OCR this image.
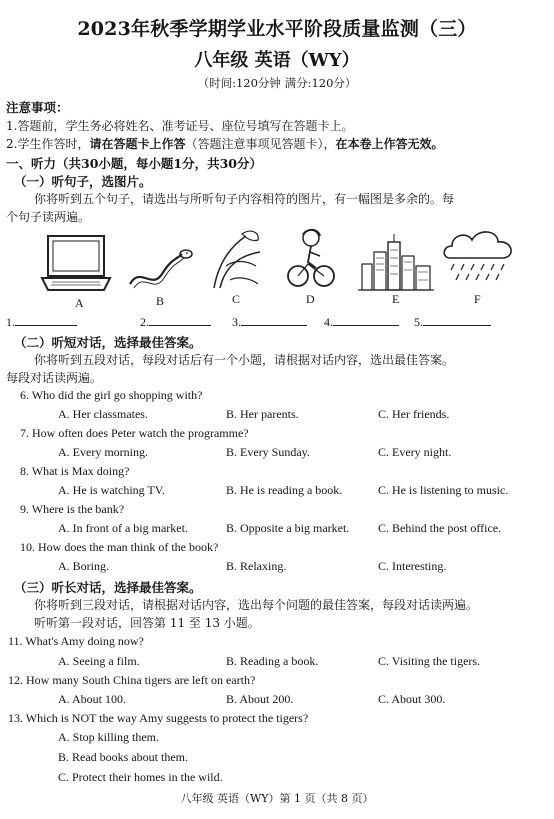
2023年秋季学期学业水平阶段质量监测（三）
八年级 英语（WY）
（时间:120分钟 满分:120分）
注意事项：
1.答题前，学生务必将姓名、准考证号、座位号填写在答题卡上。
2.学生作答时，请在答题卡上作答（答题注意事项见答题卡），在本卷上作答无效。
一、听力（共30小题，每小题1分，共30分）
（一）听句子，选图片。
你将听到五个句子，请选出与所听句子内容相符的图片，有一幅图是多余的。每
个句子读两遍。
A	B	C	D	E	F
1.	2.	3.	4.	5.
（二）听短对话，选择最佳答案。
你将听到五段对话，每段对话后有一个小题，请根据对话内容，选出最佳答案。
每段对话读两遍。
6. Who did the girl go shopping with?
A. Her classmates.	B. Her parents.	C. Her friends.
7. How often does Peter watch the programme?
A. Every morning.	B. Every Sunday.	C. Every night.
8. What is Max doing?
A. He is watching TV.	B. He is reading a book.	C. He is listening to music.
9. Where is the bank?
A. In front of a big market.	B. Opposite a big market. C. Behind the post office.
10. How does the man think of the book?
A. Boring.	B. Relaxing.	C. Interesting.
（三）听长对话，选择最佳答案。
你将听到三段对话，请根据对话内容，选出每个问题的最佳答案，每段对话读两遍。
听听第一段对话，回答第 11 至 13 小题。
11. What's Amy doing now?
A. Seeing a film.	B. Reading a book.	C. Visiting the tigers.
12. How many South China tigers are left on earth?
A. About 100.	B. About 200.	C. About 300.
13. Which is NOT the way Amy suggests to protect the tigers?
A. Stop killing them.
B. Read books about them.
C. Protect their homes in the wild.
八年级 英语（WY）第 1 页（共 8 页）
